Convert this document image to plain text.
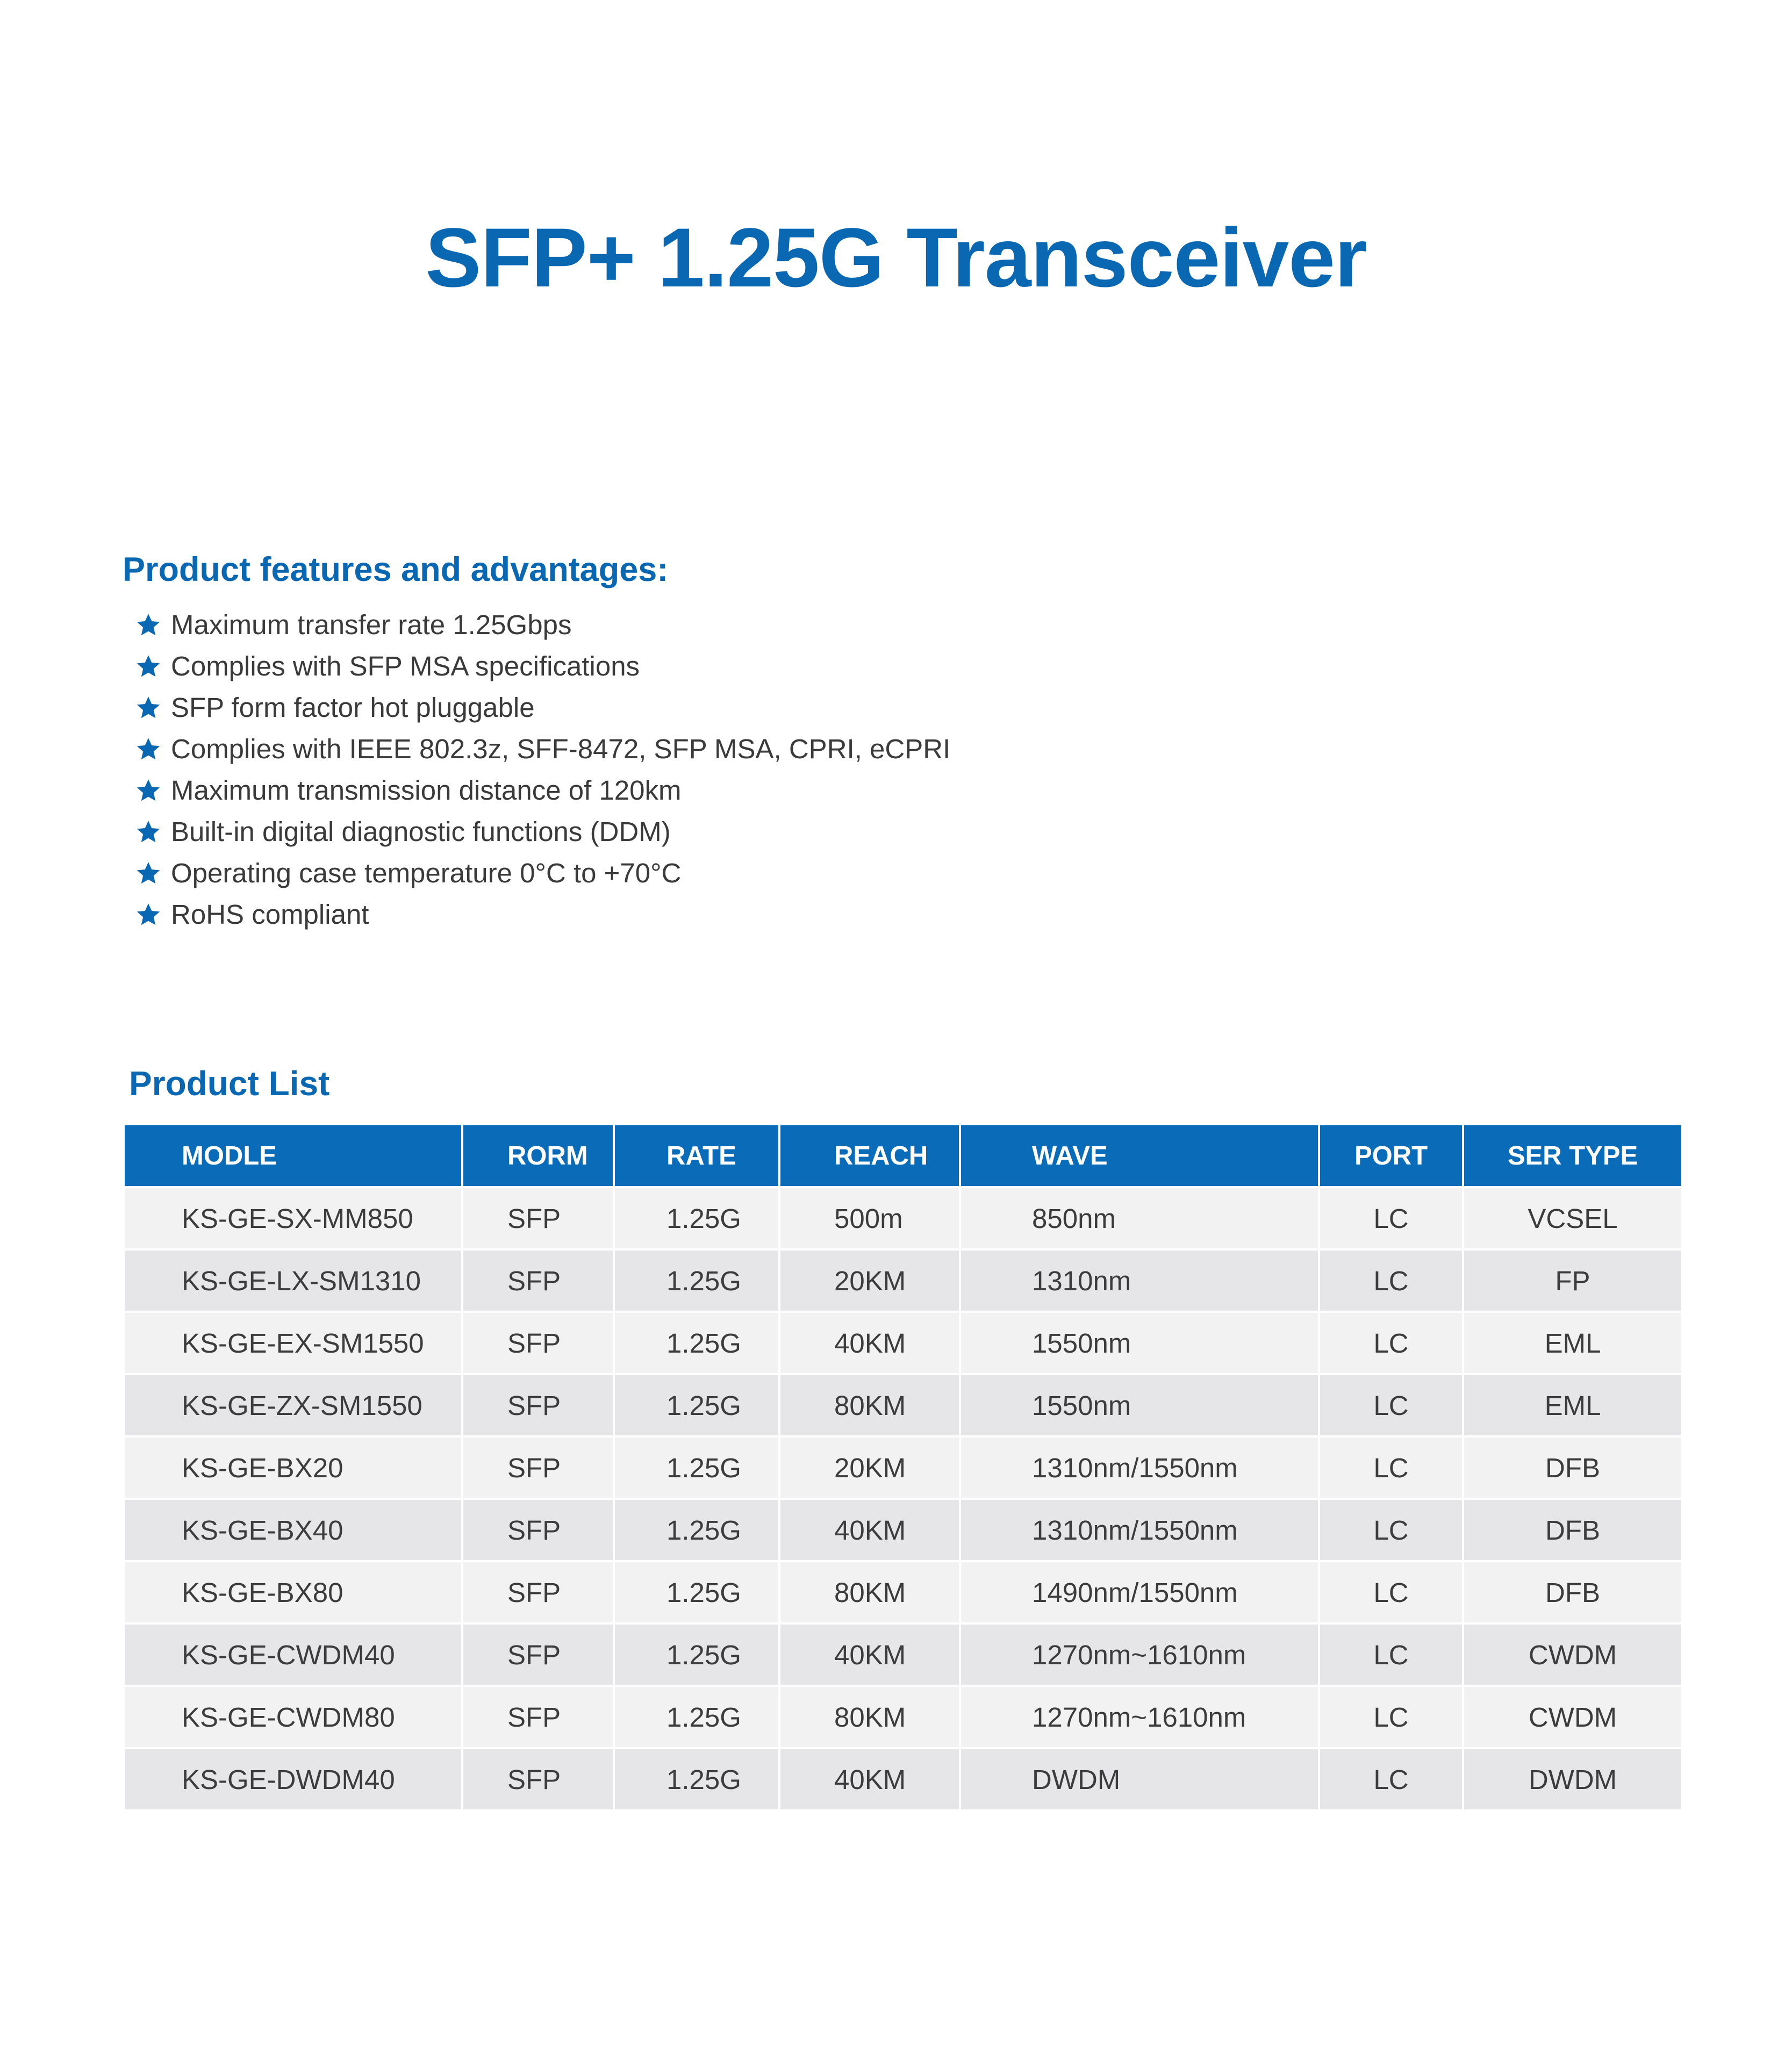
SFP+ 1.25G Transceiver
Product features and advantages:
Maximum transfer rate 1.25Gbps
Complies with SFP MSA specifications
SFP form factor hot pluggable
Complies with IEEE 802.3z, SFF-8472, SFP MSA, CPRI, eCPRI
Maximum transmission distance of 120km
Built-in digital diagnostic functions (DDM)
Operating case temperature 0°C to +70°C
RoHS compliant
Product List
MODLE	RORM	RATE	REACH	WAVE	PORT	SER TYPE
KS-GE-SX-MM850	SFP	1.25G	500m	850nm	LC	VCSEL
KS-GE-LX-SM1310	SFP	1.25G	20KM	1310nm	LC	FP
KS-GE-EX-SM1550	SFP	1.25G	40KM	1550nm	LC	EML
KS-GE-ZX-SM1550	SFP	1.25G	80KM	1550nm	LC	EML
KS-GE-BX20	SFP	1.25G	20KM	1310nm/1550nm	LC	DFB
KS-GE-BX40	SFP	1.25G	40KM	1310nm/1550nm	LC	DFB
KS-GE-BX80	SFP	1.25G	80KM	1490nm/1550nm	LC	DFB
KS-GE-CWDM40	SFP	1.25G	40KM	1270nm~1610nm	LC	CWDM
KS-GE-CWDM80	SFP	1.25G	80KM	1270nm~1610nm	LC	CWDM
KS-GE-DWDM40	SFP	1.25G	40KM	DWDM	LC	DWDM
